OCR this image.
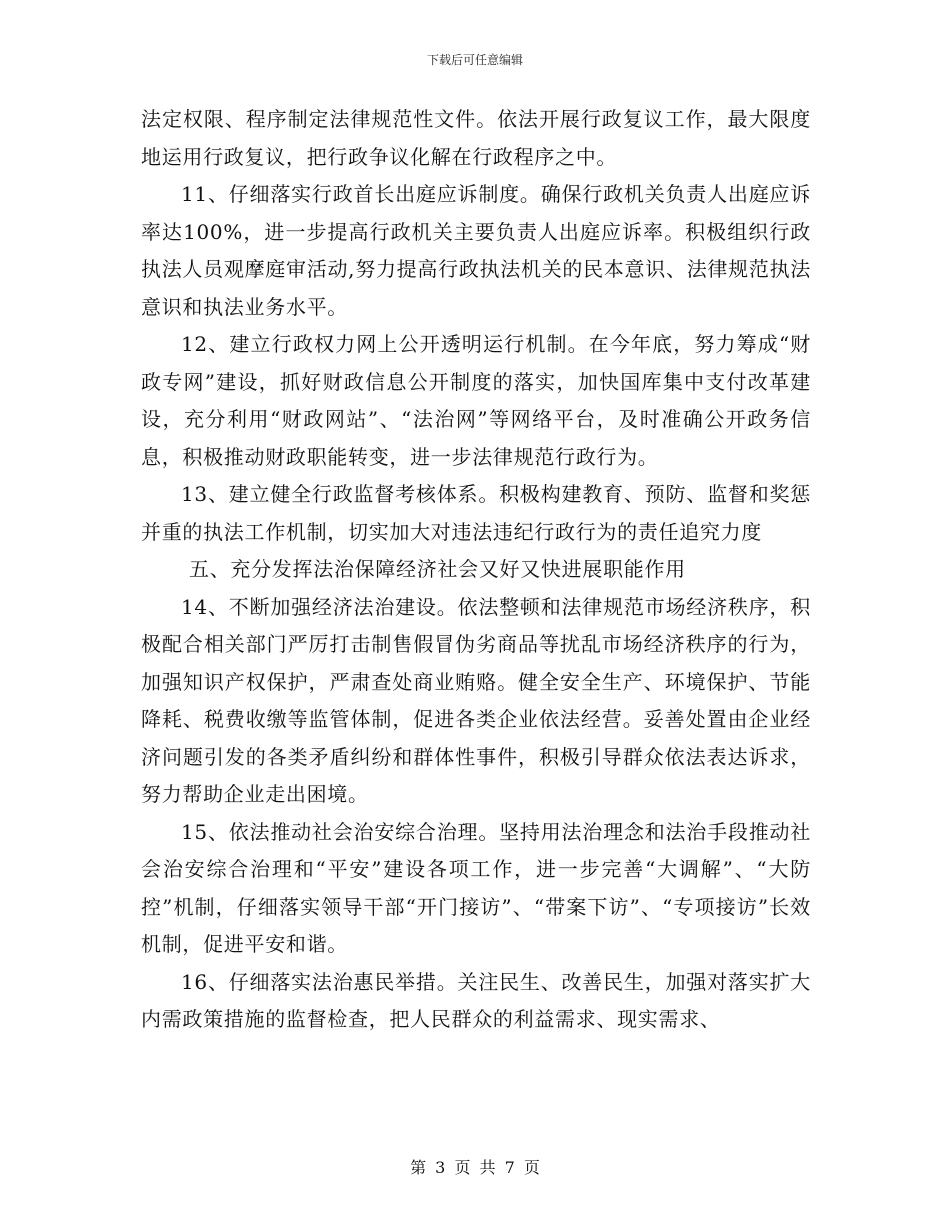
下载后可任意编辑

法定权限、程序制定法律规范性文件。依法开展行政复议工作，最大限度地运用行政复议，把行政争议化解在行政程序之中。

11、仔细落实行政首长出庭应诉制度。确保行政机关负责人出庭应诉率达100%，进一步提高行政机关主要负责人出庭应诉率。积极组织行政执法人员观摩庭审活动,努力提高行政执法机关的民本意识、法律规范执法意识和执法业务水平。

12、建立行政权力网上公开透明运行机制。在今年底，努力筹成“财政专网”建设，抓好财政信息公开制度的落实，加快国库集中支付改革建设，充分利用“财政网站”、“法治网”等网络平台，及时准确公开政务信息，积极推动财政职能转变，进一步法律规范行政行为。

13、建立健全行政监督考核体系。积极构建教育、预防、监督和奖惩并重的执法工作机制，切实加大对违法违纪行政行为的责任追究力度

五、充分发挥法治保障经济社会又好又快进展职能作用

14、不断加强经济法治建设。依法整顿和法律规范市场经济秩序，积极配合相关部门严厉打击制售假冒伪劣商品等扰乱市场经济秩序的行为，加强知识产权保护，严肃查处商业贿赂。健全安全生产、环境保护、节能降耗、税费收缴等监管体制，促进各类企业依法经营。妥善处置由企业经济问题引发的各类矛盾纠纷和群体性事件，积极引导群众依法表达诉求，努力帮助企业走出困境。

15、依法推动社会治安综合治理。坚持用法治理念和法治手段推动社会治安综合治理和“平安”建设各项工作，进一步完善“大调解”、“大防控”机制，仔细落实领导干部“开门接访”、“带案下访”、“专项接访”长效机制，促进平安和谐。

16、仔细落实法治惠民举措。关注民生、改善民生，加强对落实扩大内需政策措施的监督检查，把人民群众的利益需求、现实需求、

第 3 页 共 7 页
